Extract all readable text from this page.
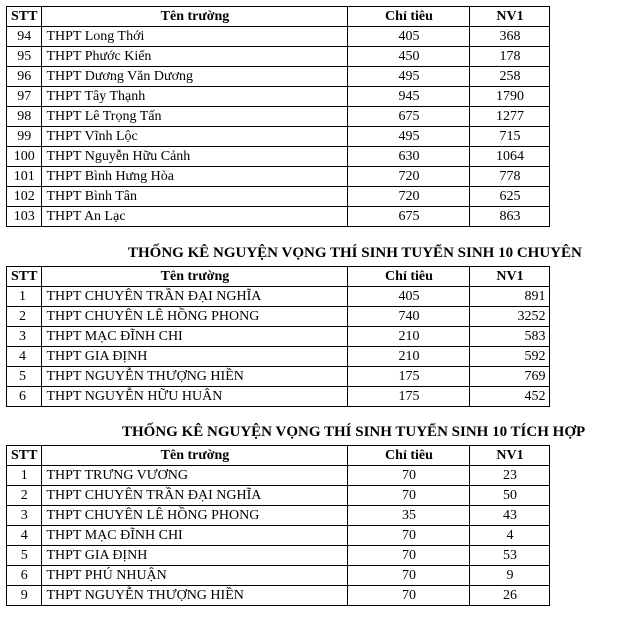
STT	Tên trường	Chỉ tiêu	NV1
94	THPT Long Thới	405	368
95	THPT Phước Kiển	450	178
96	THPT Dương Văn Dương	495	258
97	THPT Tây Thạnh	945	1790
98	THPT Lê Trọng Tấn	675	1277
99	THPT Vĩnh Lộc	495	715
100	THPT Nguyễn Hữu Cảnh	630	1064
101	THPT Bình Hưng Hòa	720	778
102	THPT Bình Tân	720	625
103	THPT An Lạc	675	863
THỐNG KÊ NGUYỆN VỌNG THÍ SINH TUYỂN SINH 10 CHUYÊN
STT	Tên trường	Chỉ tiêu	NV1
1	THPT CHUYÊN TRẦN ĐẠI NGHĨA	405	891
2	THPT CHUYÊN LÊ HỒNG PHONG	740	3252
3	THPT MẠC ĐĨNH CHI	210	583
4	THPT GIA ĐỊNH	210	592
5	THPT NGUYỄN THƯỢNG HIỀN	175	769
6	THPT NGUYỄN HỮU HUÂN	175	452
THỐNG KÊ NGUYỆN VỌNG THÍ SINH TUYỂN SINH 10 TÍCH HỢP
STT	Tên trường	Chỉ tiêu	NV1
1	THPT TRƯNG VƯƠNG	70	23
2	THPT CHUYÊN TRẦN ĐẠI NGHĨA	70	50
3	THPT CHUYÊN LÊ HỒNG PHONG	35	43
4	THPT MẠC ĐĨNH CHI	70	4
5	THPT GIA ĐỊNH	70	53
6	THPT PHÚ NHUẬN	70	9
9	THPT NGUYỄN THƯỢNG HIỀN	70	26
